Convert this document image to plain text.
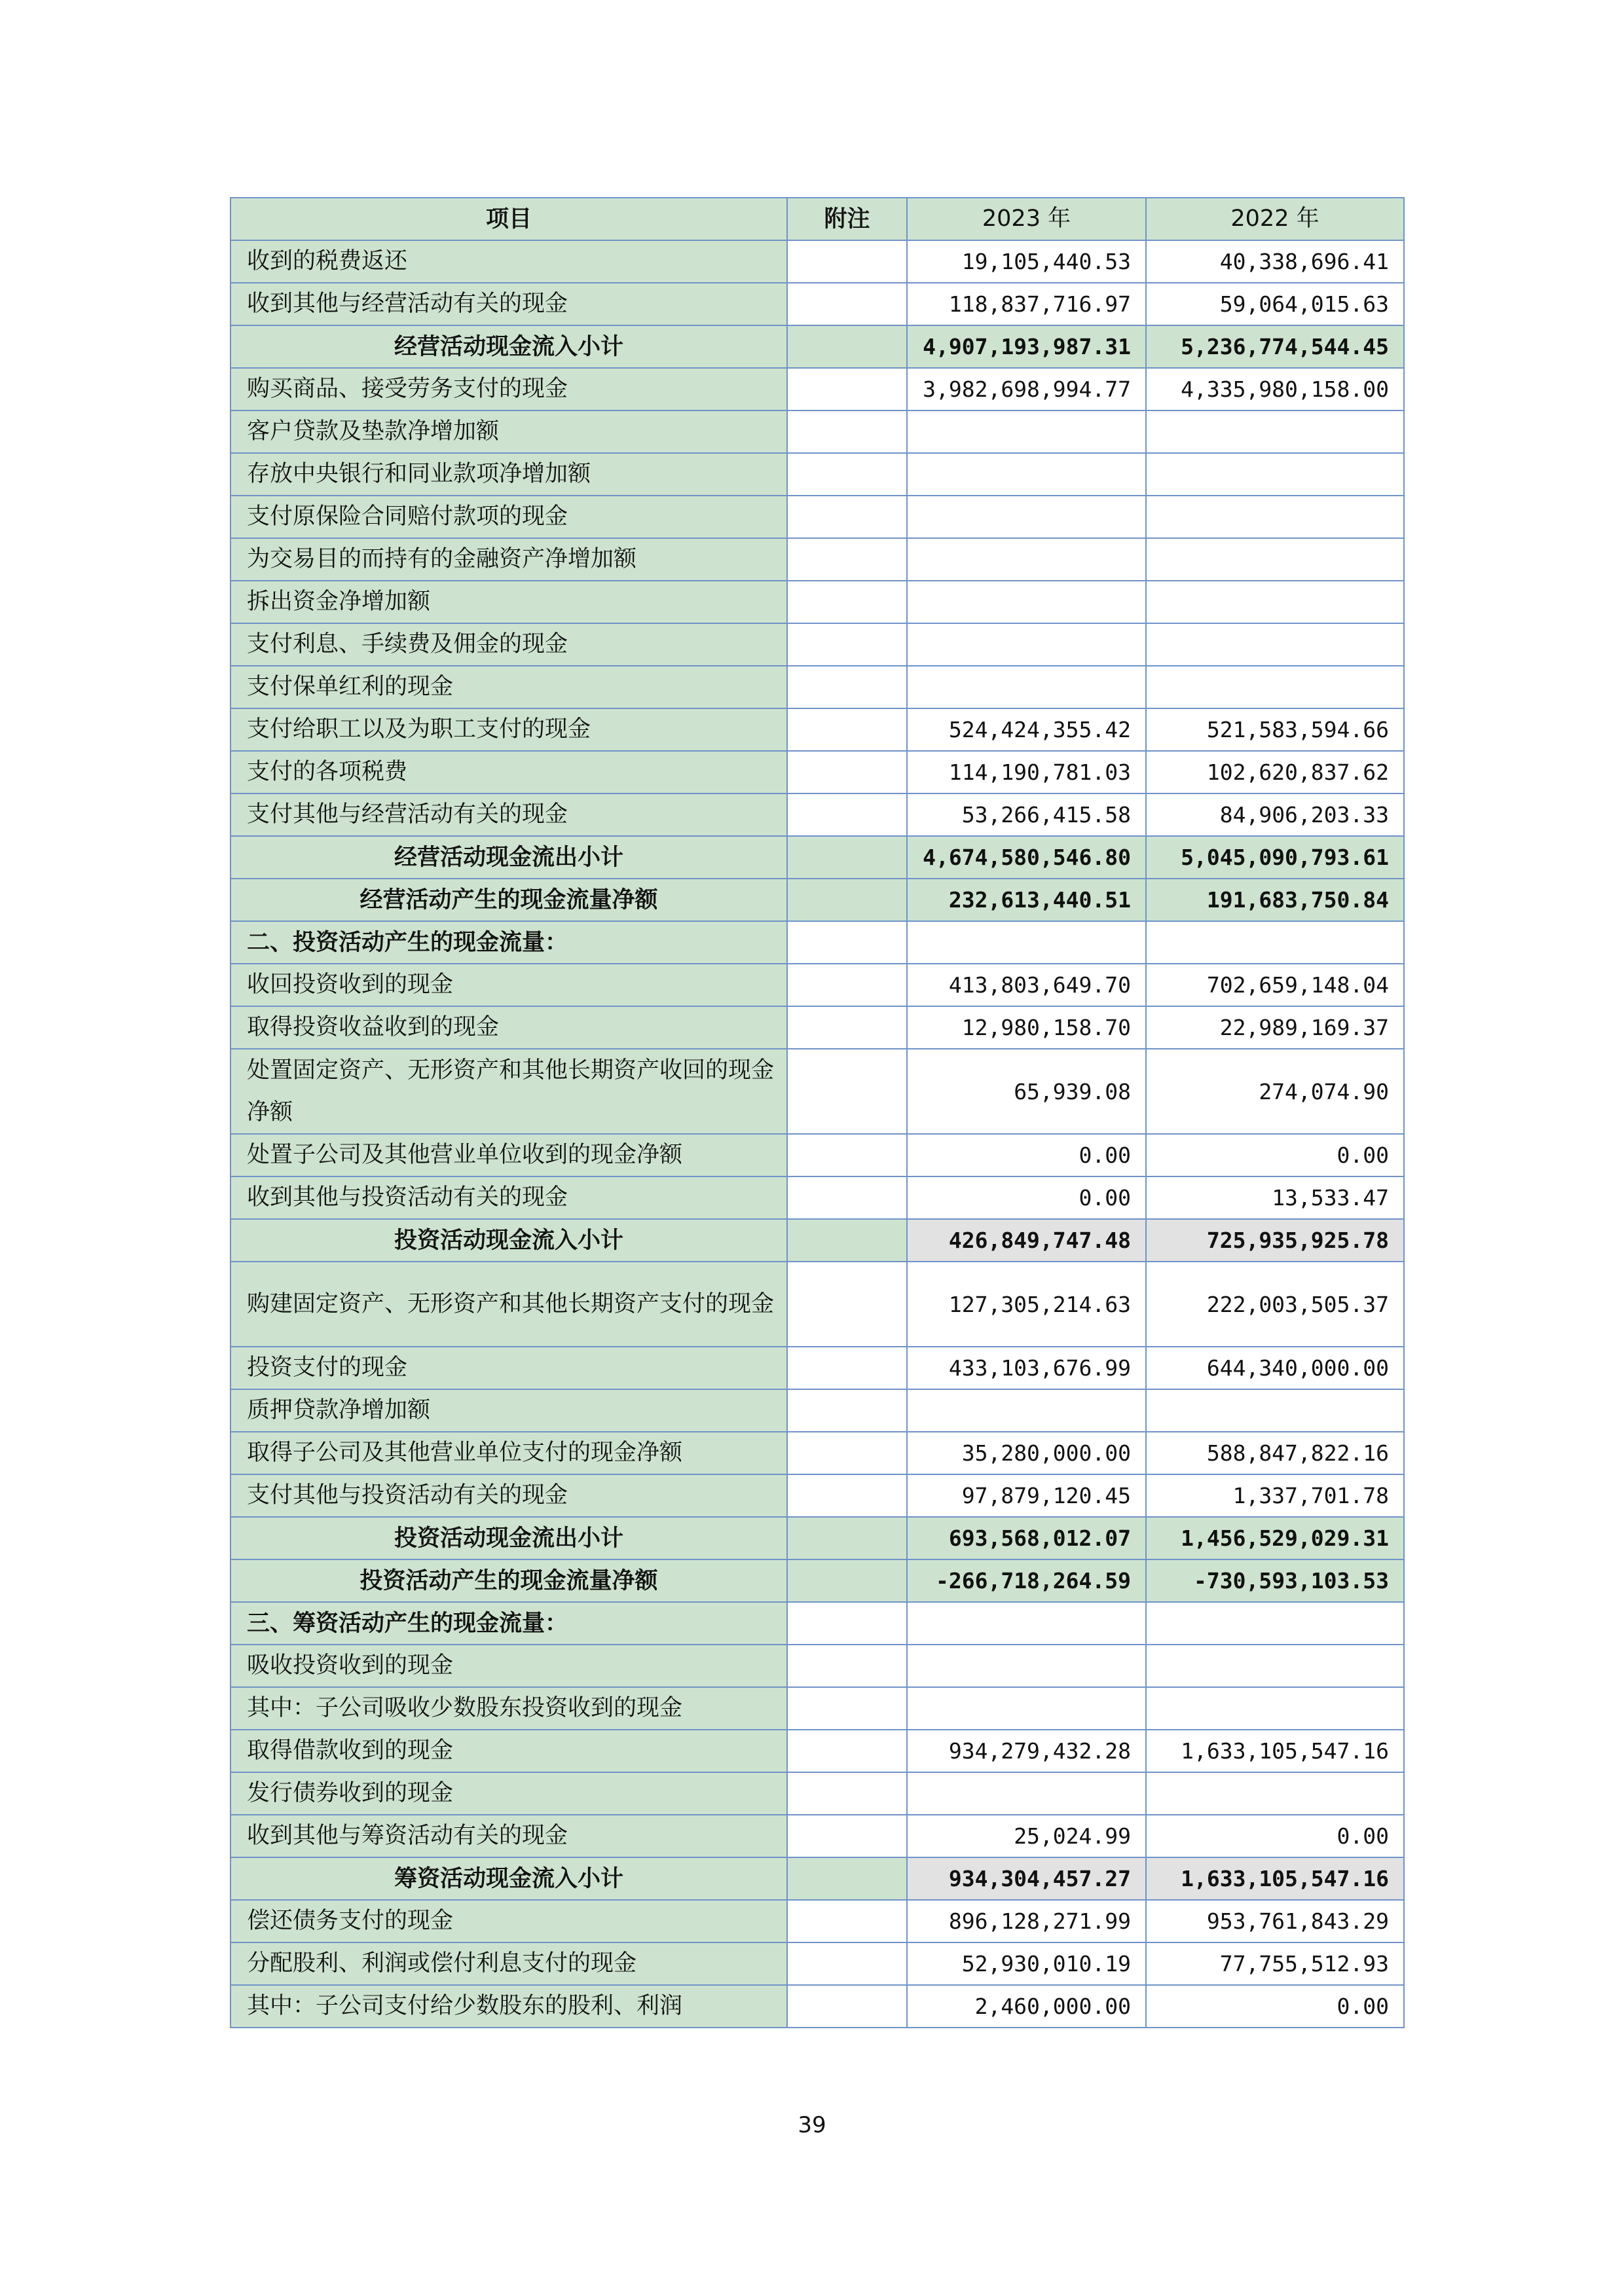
项目	附注	2023 年	2022 年
收到的税费返还		19,105,440.53	40,338,696.41
收到其他与经营活动有关的现金		118,837,716.97	59,064,015.63
经营活动现金流入小计		4,907,193,987.31	5,236,774,544.45
购买商品、接受劳务支付的现金		3,982,698,994.77	4,335,980,158.00
客户贷款及垫款净增加额			
存放中央银行和同业款项净增加额			
支付原保险合同赔付款项的现金			
为交易目的而持有的金融资产净增加额			
拆出资金净增加额			
支付利息、手续费及佣金的现金			
支付保单红利的现金			
支付给职工以及为职工支付的现金		524,424,355.42	521,583,594.66
支付的各项税费		114,190,781.03	102,620,837.62
支付其他与经营活动有关的现金		53,266,415.58	84,906,203.33
经营活动现金流出小计		4,674,580,546.80	5,045,090,793.61
经营活动产生的现金流量净额		232,613,440.51	191,683,750.84
二、投资活动产生的现金流量：			
收回投资收到的现金		413,803,649.70	702,659,148.04
取得投资收益收到的现金		12,980,158.70	22,989,169.37
处置固定资产、无形资产和其他长期资产收回的现金净额		65,939.08	274,074.90
处置子公司及其他营业单位收到的现金净额		0.00	0.00
收到其他与投资活动有关的现金		0.00	13,533.47
投资活动现金流入小计		426,849,747.48	725,935,925.78
购建固定资产、无形资产和其他长期资产支付的现金		127,305,214.63	222,003,505.37
投资支付的现金		433,103,676.99	644,340,000.00
质押贷款净增加额			
取得子公司及其他营业单位支付的现金净额		35,280,000.00	588,847,822.16
支付其他与投资活动有关的现金		97,879,120.45	1,337,701.78
投资活动现金流出小计		693,568,012.07	1,456,529,029.31
投资活动产生的现金流量净额		-266,718,264.59	-730,593,103.53
三、筹资活动产生的现金流量：			
吸收投资收到的现金			
其中：子公司吸收少数股东投资收到的现金			
取得借款收到的现金		934,279,432.28	1,633,105,547.16
发行债券收到的现金			
收到其他与筹资活动有关的现金		25,024.99	0.00
筹资活动现金流入小计		934,304,457.27	1,633,105,547.16
偿还债务支付的现金		896,128,271.99	953,761,843.29
分配股利、利润或偿付利息支付的现金		52,930,010.19	77,755,512.93
其中：子公司支付给少数股东的股利、利润		2,460,000.00	0.00
39
